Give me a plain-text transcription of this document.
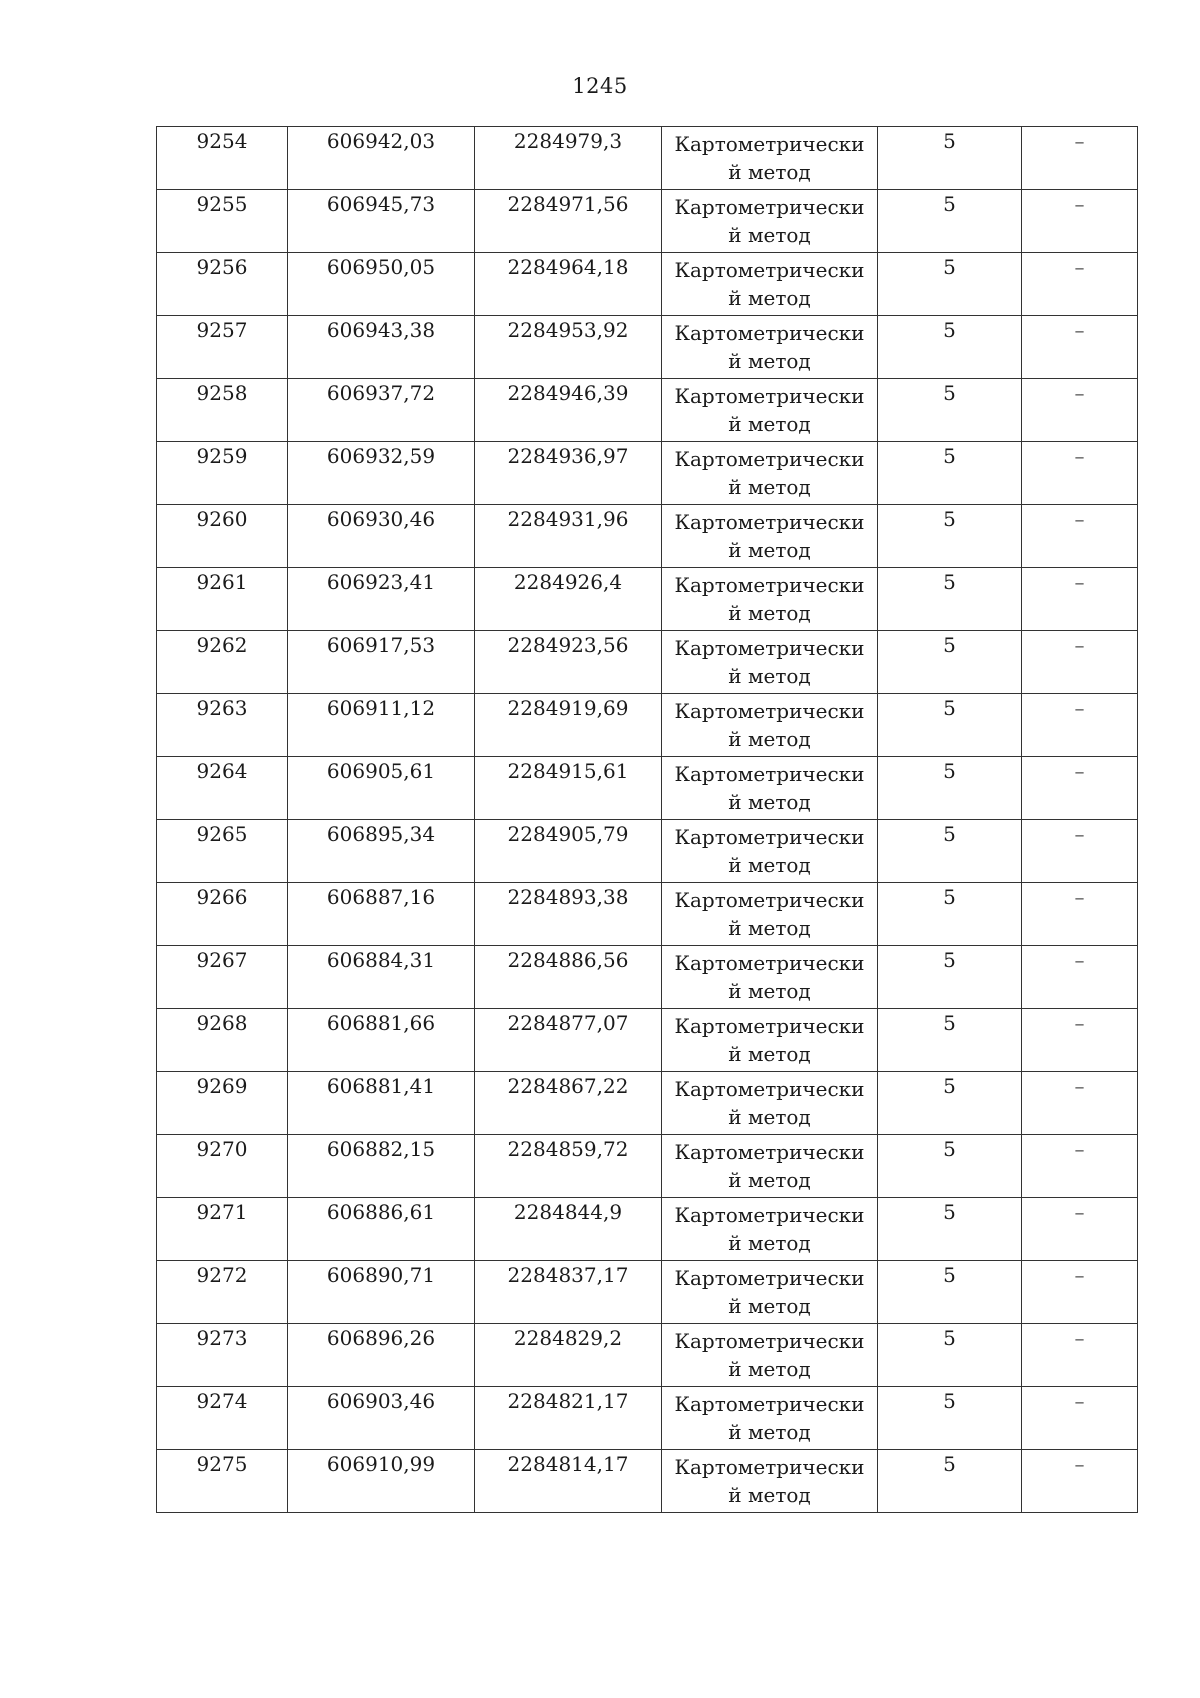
1245
9254	606942,03	2284979,3	Картометрически й метод	5	–
9255	606945,73	2284971,56	Картометрически й метод	5	–
9256	606950,05	2284964,18	Картометрически й метод	5	–
9257	606943,38	2284953,92	Картометрически й метод	5	–
9258	606937,72	2284946,39	Картометрически й метод	5	–
9259	606932,59	2284936,97	Картометрически й метод	5	–
9260	606930,46	2284931,96	Картометрически й метод	5	–
9261	606923,41	2284926,4	Картометрически й метод	5	–
9262	606917,53	2284923,56	Картометрически й метод	5	–
9263	606911,12	2284919,69	Картометрически й метод	5	–
9264	606905,61	2284915,61	Картометрически й метод	5	–
9265	606895,34	2284905,79	Картометрически й метод	5	–
9266	606887,16	2284893,38	Картометрически й метод	5	–
9267	606884,31	2284886,56	Картометрически й метод	5	–
9268	606881,66	2284877,07	Картометрически й метод	5	–
9269	606881,41	2284867,22	Картометрически й метод	5	–
9270	606882,15	2284859,72	Картометрически й метод	5	–
9271	606886,61	2284844,9	Картометрически й метод	5	–
9272	606890,71	2284837,17	Картометрически й метод	5	–
9273	606896,26	2284829,2	Картометрически й метод	5	–
9274	606903,46	2284821,17	Картометрически й метод	5	–
9275	606910,99	2284814,17	Картометрически й метод	5	–
